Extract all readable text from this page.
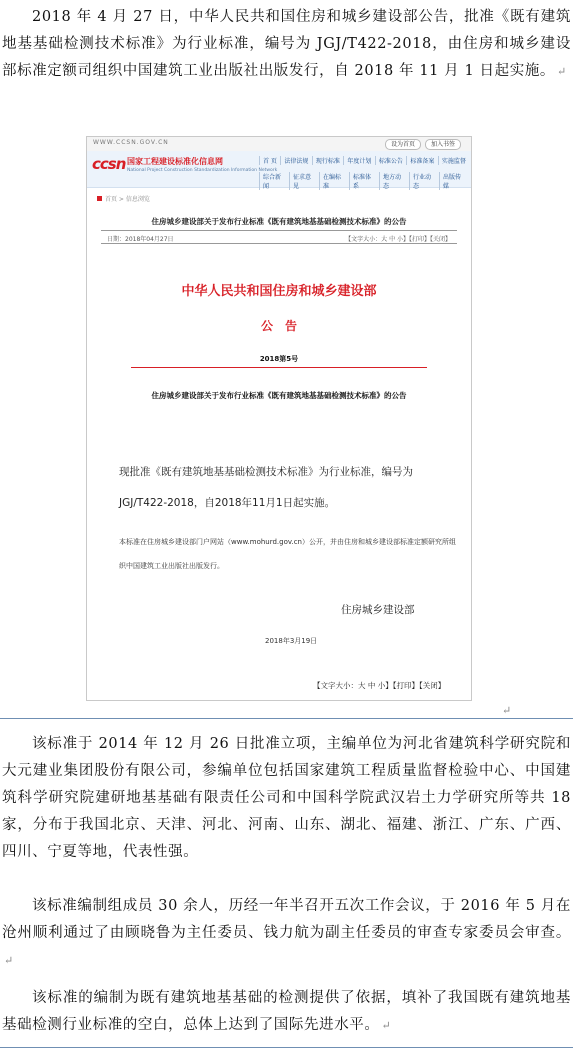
2018 年 4 月 27 日，中华人民共和国住房和城乡建设部公告，批准《既有建筑地基基础检测技术标准》为行业标准，编号为 JGJ/T422-2018，由住房和城乡建设部标准定额司组织中国建筑工业出版社出版发行，自 2018 年 11 月 1 日起实施。 ↵
WWW.CCSN.GOV.CN	设为首页	加入书签
ccsn 国家工程建设标准化信息网
National Project Construction Standardization Information Network
首 页	法律法规	现行标准	年度计划	标准公告	标准备案	实施监督
综合新闻
征求意见
在编标准
标准体系
地方动态
行业动态
出版传媒
首页 > 信息浏览
住房城乡建设部关于发布行业标准《既有建筑地基基础检测技术标准》的公告
日期：2018年04月27日	【文字大小：大 中 小】【打印】【关闭】
中华人民共和国住房和城乡建设部
公　告
2018第5号
住房城乡建设部关于发布行业标准《既有建筑地基基础检测技术标准》的公告
现批准《既有建筑地基基础检测技术标准》为行业标准，编号为JGJ/T422-2018，自2018年11月1日起实施。
本标准在住房城乡建设部门户网站（www.mohurd.gov.cn）公开，并由住房和城乡建设部标准定额研究所组织中国建筑工业出版社出版发行。
住房城乡建设部
2018年3月19日
【文字大小：大 中 小】【打印】【关闭】
↵
该标准于 2014 年 12 月 26 日批准立项，主编单位为河北省建筑科学研究院和大元建业集团股份有限公司，参编单位包括国家建筑工程质量监督检验中心、中国建筑科学研究院建研地基基础有限责任公司和中国科学院武汉岩土力学研究所等共 18 家，分布于我国北京、天津、河北、河南、山东、湖北、福建、浙江、广东、广西、四川、宁夏等地，代表性强。
该标准编制组成员 30 余人，历经一年半召开五次工作会议，于 2016 年 5 月在沧州顺利通过了由顾晓鲁为主任委员、钱力航为副主任委员的审查专家委员会审查。↵
该标准的编制为既有建筑地基基础的检测提供了依据，填补了我国既有建筑地基基础检测行业标准的空白，总体上达到了国际先进水平。 ↵
